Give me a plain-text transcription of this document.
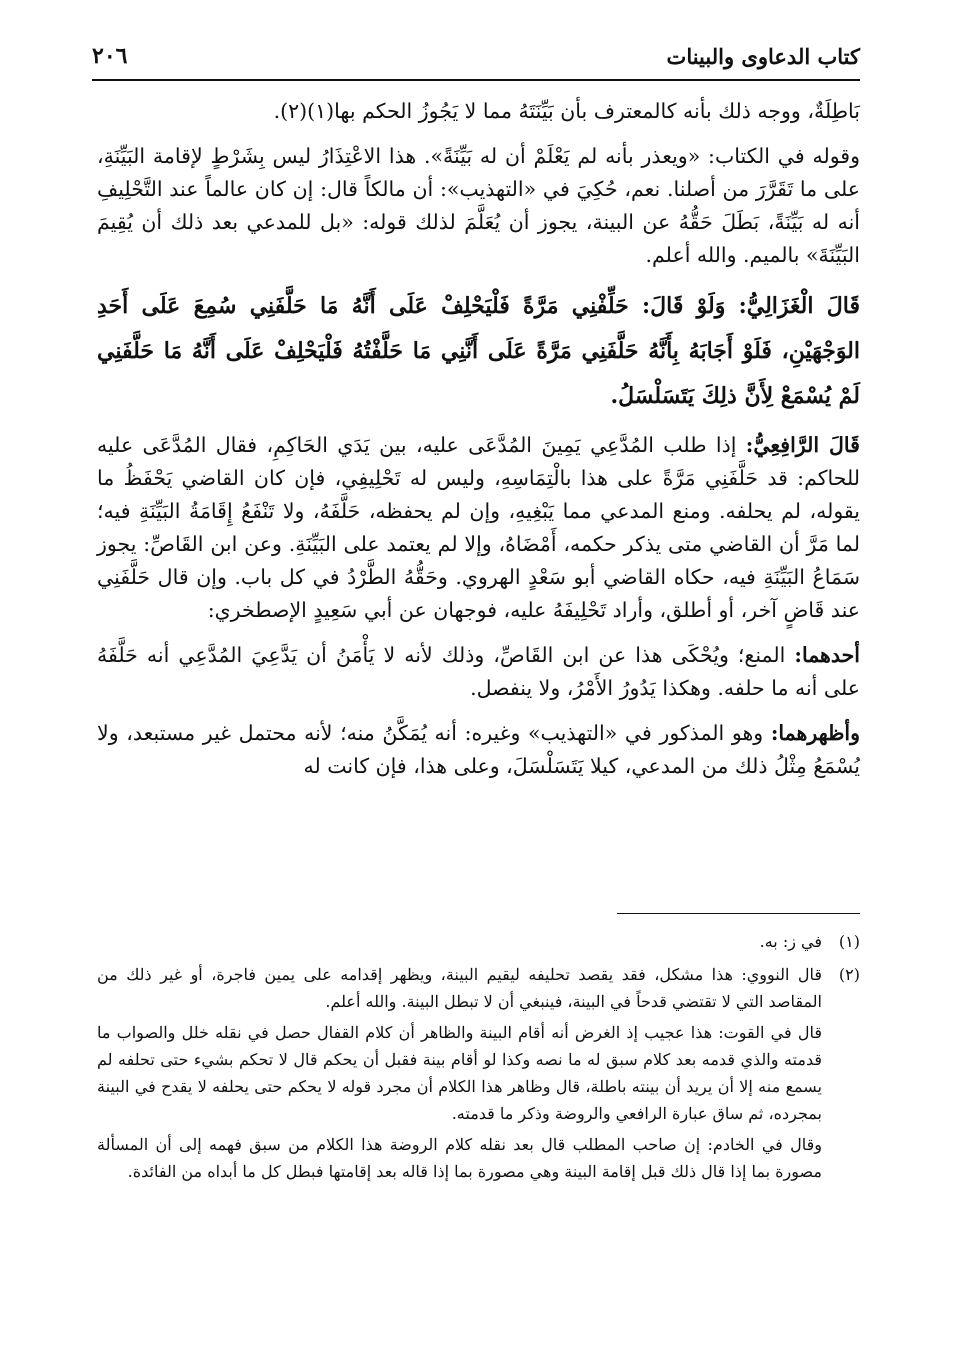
كتاب الدعاوى والبينات
٢٠٦

بَاطِلَةٌ، ووجه ذلك بأنه كالمعترف بأن بَيِّنَتَهُ مما لا يَجُوزُ الحكم بها(١)(٢).

وقوله في الكتاب: «ويعذر بأنه لم يَعْلَمْ أن له بَيِّنَةً». هذا الاعْتِذَارُ ليس بِشَرْطٍ لإقامة البَيِّنَةِ، على ما تَقَرَّرَ من أصلنا. نعم، حُكِيَ في «التهذيب»: أن مالكاً قال: إن كان عالماً عند التَّحْلِيفِ أنه له بَيِّنَةً، بَطَلَ حَقُّهُ عن البينة، يجوز أن يُعَلَّمَ لذلك قوله: «بل للمدعي بعد ذلك أن يُقِيمَ البَيِّنَةَ» بالميم. والله أعلم.

قَالَ الْغَزَالِيُّ: وَلَوْ قَالَ: حَلِّفْنِي مَرَّةً فَلْيَحْلِفْ عَلَى أَنَّهُ مَا حَلَّفَنِي سُمِعَ عَلَى أَحَدِ الوَجْهَيْنِ، فَلَوْ أَجَابَهُ بِأَنَّهُ حَلَّفَنِي مَرَّةً عَلَى أَنَّنِي مَا حَلَّفْتُهُ فَلْيَحْلِفْ عَلَى أَنَّهُ مَا حَلَّفَنِي لَمْ يُسْمَعْ لِأَنَّ ذلِكَ يَتَسَلْسَلُ.

قَالَ الرَّافِعِيُّ: إذا طلب المُدَّعِي يَمِينَ المُدَّعَى عليه، بين يَدَي الحَاكِمِ، فقال المُدَّعَى عليه للحاكم: قد حَلَّفَنِي مَرَّةً على هذا بالْتِمَاسِهِ، وليس له تَحْلِيفِي، فإن كان القاضي يَحْفَظُ ما يقوله، لم يحلفه. ومنع المدعي مما يَبْغِيهِ، وإن لم يحفظه، حَلَّفَهُ، ولا تَنْفَعُ إِقَامَةُ البَيِّنَةِ فيه؛ لما مَرَّ أن القاضي متى يذكر حكمه، أَمْضَاهُ، وإلا لم يعتمد على البَيِّنَةِ. وعن ابن القَاصِّ: يجوز سَمَاعُ البَيِّنَةِ فيه، حكاه القاضي أبو سَعْدٍ الهروي. وحَقُّهُ الطَّرْدُ في كل باب. وإن قال حَلَّفَنِي عند قَاضٍ آخر، أو أطلق، وأراد تَحْلِيفَهُ عليه، فوجهان عن أبي سَعِيدٍ الإصطخري:

أحدهما: المنع؛ ويُحْكَى هذا عن ابن القَاصِّ، وذلك لأنه لا يَأْمَنُ أن يَدَّعِيَ المُدَّعِي أنه حَلَّفَهُ على أنه ما حلفه. وهكذا يَدُورُ الأَمْرُ، ولا ينفصل.

وأظهرهما: وهو المذكور في «التهذيب» وغيره: أنه يُمَكَّنُ منه؛ لأنه محتمل غير مستبعد، ولا يُسْمَعُ مِثْلُ ذلك من المدعي، كيلا يَتَسَلْسَلَ، وعلى هذا، فإن كانت له

(١)

في ز: به.

(٢)

قال النووي: هذا مشكل، فقد يقصد تحليفه ليقيم البينة، ويظهر إقدامه على يمين فاجرة، أو غير ذلك من المقاصد التي لا تقتضي قدحاً في البينة، فينبغي أن لا تبطل البينة. والله أعلم.

قال في القوت: هذا عجيب إذ الغرض أنه أقام البينة والظاهر أن كلام القفال حصل في نقله خلل والصواب ما قدمته والذي قدمه بعد كلام سبق له ما نصه وكذا لو أقام بينة فقبل أن يحكم قال لا تحكم بشيء حتى تحلفه لم يسمع منه إلا أن يريد أن بينته باطلة، قال وظاهر هذا الكلام أن مجرد قوله لا يحكم حتى يحلفه لا يقدح في البينة بمجرده، ثم ساق عبارة الرافعي والروضة وذكر ما قدمته.

وقال في الخادم: إن صاحب المطلب قال بعد نقله كلام الروضة هذا الكلام من سبق فهمه إلى أن المسألة مصورة بما إذا قال ذلك قبل إقامة البينة وهي مصورة بما إذا قاله بعد إقامتها فبطل كل ما أبداه من الفائدة.
